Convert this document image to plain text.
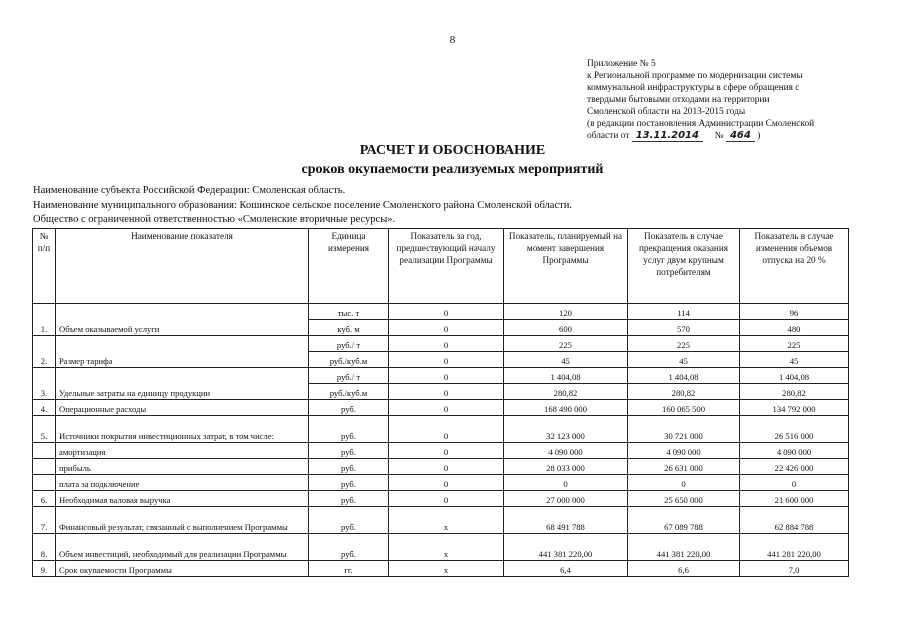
8
Приложение № 5
к Региональной программе по модернизации системы
коммунальной инфраструктуры в сфере обращения с
твердыми бытовыми отходами на территории
Смоленской области на 2013-2015 годы
(в редакции постановления Администрации Смоленской
области от 13.11.2014 № 464 )
РАСЧЕТ И ОБОСНОВАНИЕ
сроков окупаемости реализуемых мероприятий
Наименование субъекта Российской Федерации: Смоленская область.
Наименование муниципального образования: Кошинское сельское поселение Смоленского района Смоленской области.
Общество с ограниченной ответственностью «Смоленские вторичные ресурсы».
№ п/п	Наименование показателя	Единица измерения	Показатель за год, предшествующий началу реализации Программы	Показатель, планируемый на момент завершения Программы	Показатель в случае прекращения оказания услуг двум крупным потребителям	Показатель в случае изменения объемов отпуска на 20 %
1.	Объем оказываемой услуги	тыс. т	0	120	114	96
		куб. м	0	600	570	480
2.	Размер тарифа	руб./ т	0	225	225	225
		руб./куб.м	0	45	45	45
3.	Удельные затраты на единицу продукции	руб./ т	0	1 404,08	1 404,08	1 404,08
		руб./куб.м	0	280,82	280,82	280,82
4.	Операционные расходы	руб.	0	168 490 000	160 065 500	134 792 000
5.	Источники покрытия инвестиционных затрат, в том числе:	руб.	0	32 123 000	30 721 000	26 516 000
	амортизация	руб.	0	4 090 000	4 090 000	4 090 000
	прибыль	руб.	0	28 033 000	26 631 000	22 426 000
	плата за подключение	руб.	0	0	0	0
6.	Необходимая валовая выручка	руб.	0	27 000 000	25 650 000	21 600 000
7.	Финансовый результат, связанный с выполнением Программы	руб.	х	68 491 788	67 089 788	62 884 788
8.	Объем инвестиций, необходимый для реализации Программы	руб.	х	441 381 220,00	441 381 220,00	441 281 220,00
9.	Срок окупаемости Программы	гг.	х	6,4	6,6	7,0
